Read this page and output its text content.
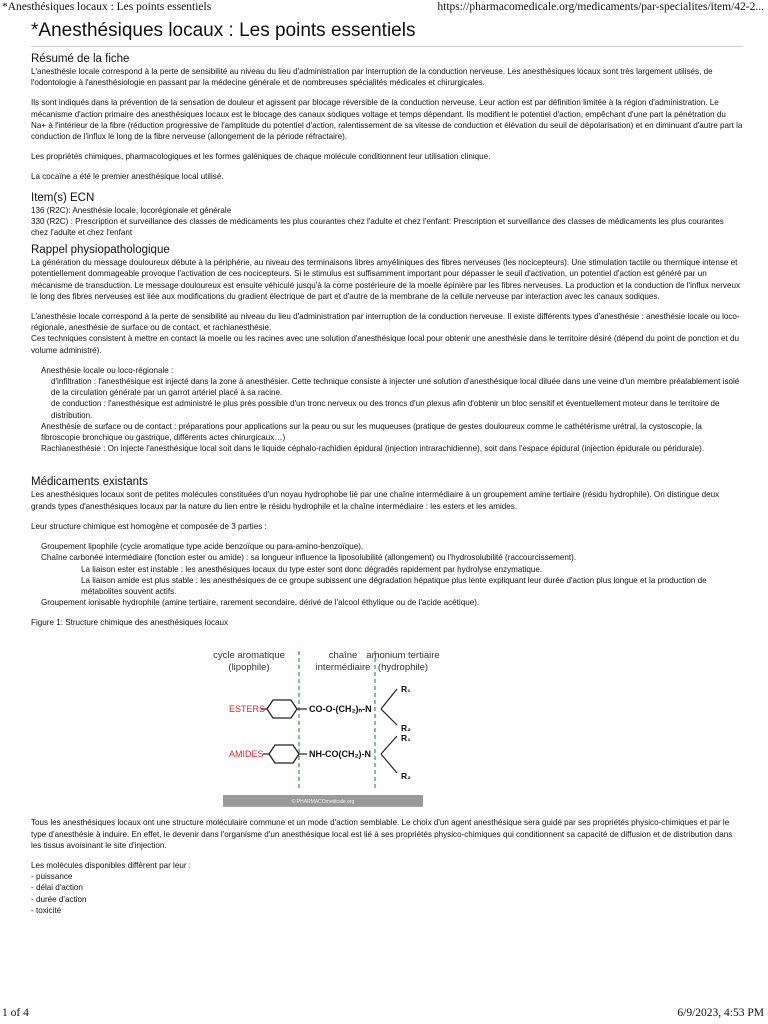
*Anesthésiques locaux : Les points essentiels	https://pharmacomedicale.org/medicaments/par-specialites/item/42-2...
*Anesthésiques locaux : Les points essentiels
Résumé de la fiche

L'anesthésie locale correspond à la perte de sensibilité au niveau du lieu d'administration par interruption de la conduction nerveuse. Les anesthésiques locaux sont très largement utilisés, de l'odontologie à l'anesthésiologie en passant par la médecine générale et de nombreuses spécialités médicales et chirurgicales.

Ils sont indiqués dans la prévention de la sensation de douleur et agissent par blocage réversible de la conduction nerveuse. Leur action est par définition limitée à la région d'administration. Le mécanisme d'action primaire des anesthésiques locaux est le blocage des canaux sodiques voltage et temps dépendant. Ils modifient le potentiel d'action, empêchant d'une part la pénétration du Na+ à l'intérieur de la fibre (réduction progressive de l'amplitude du potentiel d'action, ralentissement de sa vitesse de conduction et élévation du seuil de dépolarisation) et en diminuant d'autre part la conduction de l'influx le long de la fibre nerveuse (allongement de la période réfractaire).

Les propriétés chimiques, pharmacologiques et les formes galéniques de chaque molécule conditionnent leur utilisation clinique.

La cocaïne a été le premier anesthésique local utilisé.

Item(s) ECN
136 (R2C): Anesthésie locale, locorégionale et générale
330 (R2C) : Prescription et surveillance des classes de médicaments les plus courantes chez l'adulte et chez l'enfant: Prescription et surveillance des classes de médicaments les plus courantes chez l'adulte et chez l'enfant
Rappel physiopathologique

La génération du message douloureux débute à la périphérie, au niveau des terminaisons libres amyéliniques des fibres nerveuses (les nocicepteurs). Une stimulation tactile ou thermique intense et potentiellement dommageable provoque l'activation de ces nocicepteurs. Si le stimulus est suffisamment important pour dépasser le seuil d'activation, un potentiel d'action est généré par un mécanisme de transduction. Le message douloureux est ensuite véhiculé jusqu'à la corne postérieure de la moelle épinière par les fibres nerveuses. La production et la conduction de l'influx nerveux le long des fibres nerveuses est liée aux modifications du gradient électrique de part et d'autre de la membrane de la cellule nerveuse par interaction avec les canaux sodiques.

L'anesthésie locale correspond à la perte de sensibilité au niveau du lieu d'administration par interruption de la conduction nerveuse. Il existe différents types d'anesthésie : anesthésie locale ou loco-régionale, anesthésie de surface ou de contact, et rachianesthésie.

Ces techniques consistent à mettre en contact la moelle ou les racines avec une solution d'anesthésique local pour obtenir une anesthésie dans le territoire désiré (dépend du point de ponction et du volume administré).

Anesthésie locale ou loco-régionale :
d'infiltration : l'anesthésique est injecté dans la zone à anesthésier. Cette technique consiste à injecter une solution d'anesthésique local diluée dans une veine d'un membre préalablement isolé de la circulation générale par un garrot artériel placé à sa racine.
de conduction : l'anesthésique est administré le plus près possible d'un tronc nerveux ou des troncs d'un plexus afin d'obtenir un bloc sensitif et éventuellement moteur dans le territoire de distribution.
Anesthésie de surface ou de contact : préparations pour applications sur la peau ou sur les muqueuses (pratique de gestes douloureux comme le cathétérisme urétral, la cystoscopie, la fibroscopie bronchique ou gastrique, différents actes chirurgicaux…)
Rachianesthésie : On injecte l'anesthésique local soit dans le liquide céphalo-rachidien épidural (injection intrarachidienne), soit dans l'espace épidural (injection épidurale ou péridurale).
Médicaments existants

Les anesthésiques locaux sont de petites molécules constituées d'un noyau hydrophobe lié par une chaîne intermédiaire à un groupement amine tertiaire (résidu hydrophile). On distingue deux grands types d'anesthésiques locaux par la nature du lien entre le résidu hydrophile et la chaîne intermédiaire : les esters et les amides.

Leur structure chimique est homogène et composée de 3 parties :

Groupement lipophile (cycle aromatique type acide benzoïque ou para-amino-benzoïque).
Chaîne carbonée intermédiaire (fonction ester ou amide) : sa longueur influence la liposolubilité (allongement) ou l'hydrosolubilité (raccourcissement).
La liaison ester est instable : les anesthésiques locaux du type ester sont donc dégradés rapidement par hydrolyse enzymatique.
La liaison amide est plus stable : les anesthésiques de ce groupe subissent une dégradation hépatique plus lente expliquant leur durée d'action plus longue et la production de métabolites souvent actifs.
Groupement ionisable hydrophile (amine tertiaire, rarement secondaire, dérivé de l'alcool éthylique ou de l'acide acétique).
Figure 1: Structure chimique des anesthésiques locaux
cycle aromatique
(lipophile)
chaîne
intermédiaire
amonium tertiaire
(hydrophile)
ESTERS	CO-O-(CH₂)ₙ-N
R₁
R₂
AMIDES	NH-CO(CH₂)-N
R₁
R₂
© PHARMACOmedicale.org

Tous les anesthésiques locaux ont une structure moléculaire commune et un mode d'action semblable. Le choix d'un agent anesthésique sera guidé par ses propriétés physico-chimiques et par le type d'anesthésie à induire. En effet, le devenir dans l'organisme d'un anesthésique local est lié à ses propriétés physico-chimiques qui conditionnent sa capacité de diffusion et de distribution dans les tissus avoisinant le site d'injection.

Les molécules disponibles diffèrent par leur :
- puissance
- délai d'action
- durée d'action
- toxicité
1 of 4	6/9/2023, 4:53 PM
